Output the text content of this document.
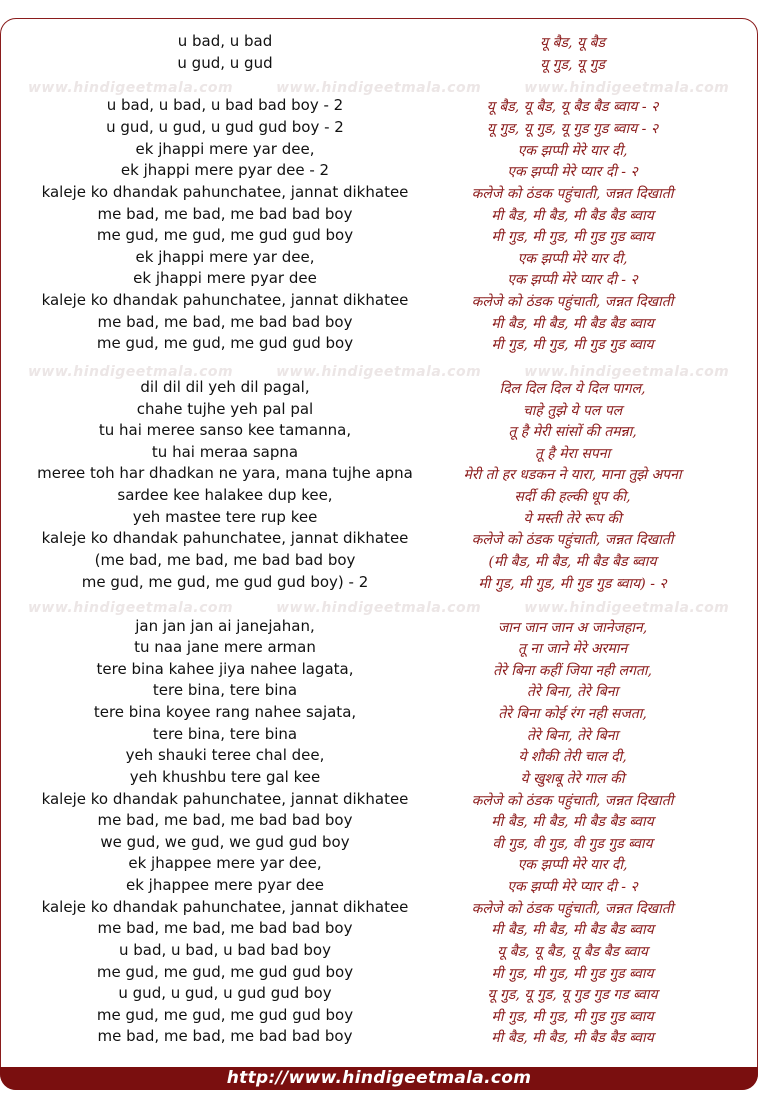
www.hindigeetmala.com	www.hindigeetmala.com	www.hindigeetmala.com
www.hindigeetmala.com	www.hindigeetmala.com	www.hindigeetmala.com
www.hindigeetmala.com	www.hindigeetmala.com	www.hindigeetmala.com
u bad, u bad	यू बैड, यू बैड
u gud, u gud	यू गुड, यू गुड
u bad, u bad, u bad bad boy - 2	यू बैड, यू बैड, यू बैड बैड ब्वाय - २
u gud, u gud, u gud gud boy - 2	यू गुड, यू गुड, यू गुड गुड ब्वाय - २
ek jhappi mere yar dee,	एक झप्पी मेरे यार दी,
ek jhappi mere pyar dee - 2	एक झप्पी मेरे प्यार दी - २
kaleje ko dhandak pahunchatee, jannat dikhatee	कलेजे को ठंडक पहुंचाती, जन्नत दिखाती
me bad, me bad, me bad bad boy	मी बैड, मी बैड, मी बैड बैड ब्वाय
me gud, me gud, me gud gud boy	मी गुड, मी गुड, मी गुड गुड ब्वाय
ek jhappi mere yar dee,	एक झप्पी मेरे यार दी,
ek jhappi mere pyar dee	एक झप्पी मेरे प्यार दी - २
kaleje ko dhandak pahunchatee, jannat dikhatee	कलेजे को ठंडक पहुंचाती, जन्नत दिखाती
me bad, me bad, me bad bad boy	मी बैड, मी बैड, मी बैड बैड ब्वाय
me gud, me gud, me gud gud boy	मी गुड, मी गुड, मी गुड गुड ब्वाय
dil dil dil yeh dil pagal,	दिल दिल दिल ये दिल पागल,
chahe tujhe yeh pal pal	चाहे तुझे ये पल पल
tu hai meree sanso kee tamanna,	तू है मेरी सांसों की तमन्ना,
tu hai meraa sapna	तू है मेरा सपना
meree toh har dhadkan ne yara, mana tujhe apna	मेरी तो हर धडकन ने यारा, माना तुझे अपना
sardee kee halakee dup kee,	सर्दी की हल्की धूप की,
yeh mastee tere rup kee	ये मस्ती तेरे रूप की
kaleje ko dhandak pahunchatee, jannat dikhatee	कलेजे को ठंडक पहुंचाती, जन्नत दिखाती
(me bad, me bad, me bad bad boy	(मी बैड, मी बैड, मी बैड बैड ब्वाय
me gud, me gud, me gud gud boy) - 2	मी गुड, मी गुड, मी गुड गुड ब्वाय) - २
jan jan jan ai janejahan,	जान जान जान अ जानेजहान,
tu naa jane mere arman	तू ना जाने मेरे अरमान
tere bina kahee jiya nahee lagata,	तेरे बिना कहीं जिया नही लगता,
tere bina, tere bina	तेरे बिना, तेरे बिना
tere bina koyee rang nahee sajata,	तेरे बिना कोई रंग नही सजता,
tere bina, tere bina	तेरे बिना, तेरे बिना
yeh shauki teree chal dee,	ये शौकी तेरी चाल दी,
yeh khushbu tere gal kee	ये खुशबू तेरे गाल की
kaleje ko dhandak pahunchatee, jannat dikhatee	कलेजे को ठंडक पहुंचाती, जन्नत दिखाती
me bad, me bad, me bad bad boy	मी बैड, मी बैड, मी बैड बैड ब्वाय
we gud, we gud, we gud gud boy	वी गुड, वी गुड, वी गुड गुड ब्वाय
ek jhappee mere yar dee,	एक झप्पी मेरे यार दी,
ek jhappee mere pyar dee	एक झप्पी मेरे प्यार दी - २
kaleje ko dhandak pahunchatee, jannat dikhatee	कलेजे को ठंडक पहुंचाती, जन्नत दिखाती
me bad, me bad, me bad bad boy	मी बैड, मी बैड, मी बैड बैड ब्वाय
u bad, u bad, u bad bad boy	यू बैड, यू बैड, यू बैड बैड ब्वाय
me gud, me gud, me gud gud boy	मी गुड, मी गुड, मी गुड गुड ब्वाय
u gud, u gud, u gud gud boy	यू गुड, यू गुड, यू गुड गुड गड ब्वाय
me gud, me gud, me gud gud boy	मी गुड, मी गुड, मी गुड गुड ब्वाय
me bad, me bad, me bad bad boy	मी बैड, मी बैड, मी बैड बैड ब्वाय
http://www.hindigeetmala.com
